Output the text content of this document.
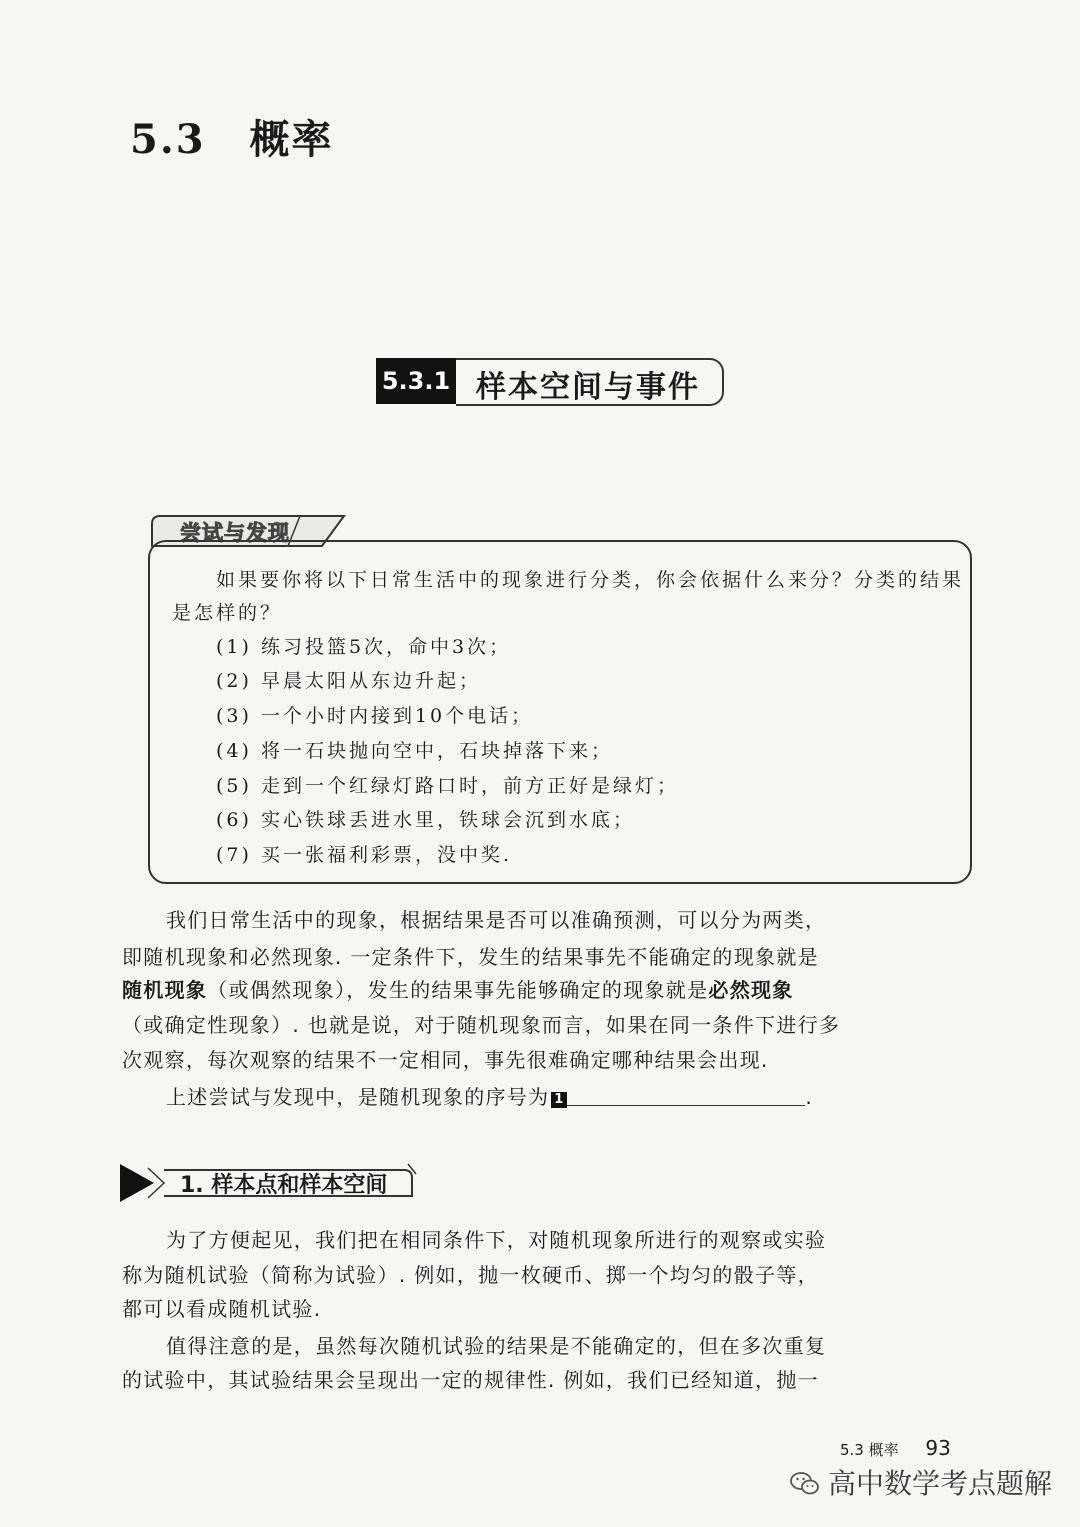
5.3 概率
5.3.1 样本空间与事件
尝试与发现
如果要你将以下日常生活中的现象进行分类，你会依据什么来分？分类的结果
是怎样的？
(1) 练习投篮5次，命中3次；
(2) 早晨太阳从东边升起；
(3) 一个小时内接到10个电话；
(4) 将一石块抛向空中，石块掉落下来；
(5) 走到一个红绿灯路口时，前方正好是绿灯；
(6) 实心铁球丢进水里，铁球会沉到水底；
(7) 买一张福利彩票，没中奖.
我们日常生活中的现象，根据结果是否可以准确预测，可以分为两类，
即随机现象和必然现象. 一定条件下，发生的结果事先不能确定的现象就是
随机现象（或偶然现象），发生的结果事先能够确定的现象就是必然现象
（或确定性现象）. 也就是说，对于随机现象而言，如果在同一条件下进行多
次观察，每次观察的结果不一定相同，事先很难确定哪种结果会出现.
上述尝试与发现中，是随机现象的序号为 1	.
1. 样本点和样本空间
为了方便起见，我们把在相同条件下，对随机现象所进行的观察或实验
称为随机试验（简称为试验）. 例如，抛一枚硬币、掷一个均匀的骰子等，
都可以看成随机试验.
值得注意的是，虽然每次随机试验的结果是不能确定的，但在多次重复
的试验中，其试验结果会呈现出一定的规律性. 例如，我们已经知道，抛一
5.3 概率 93
高中数学考点题解
